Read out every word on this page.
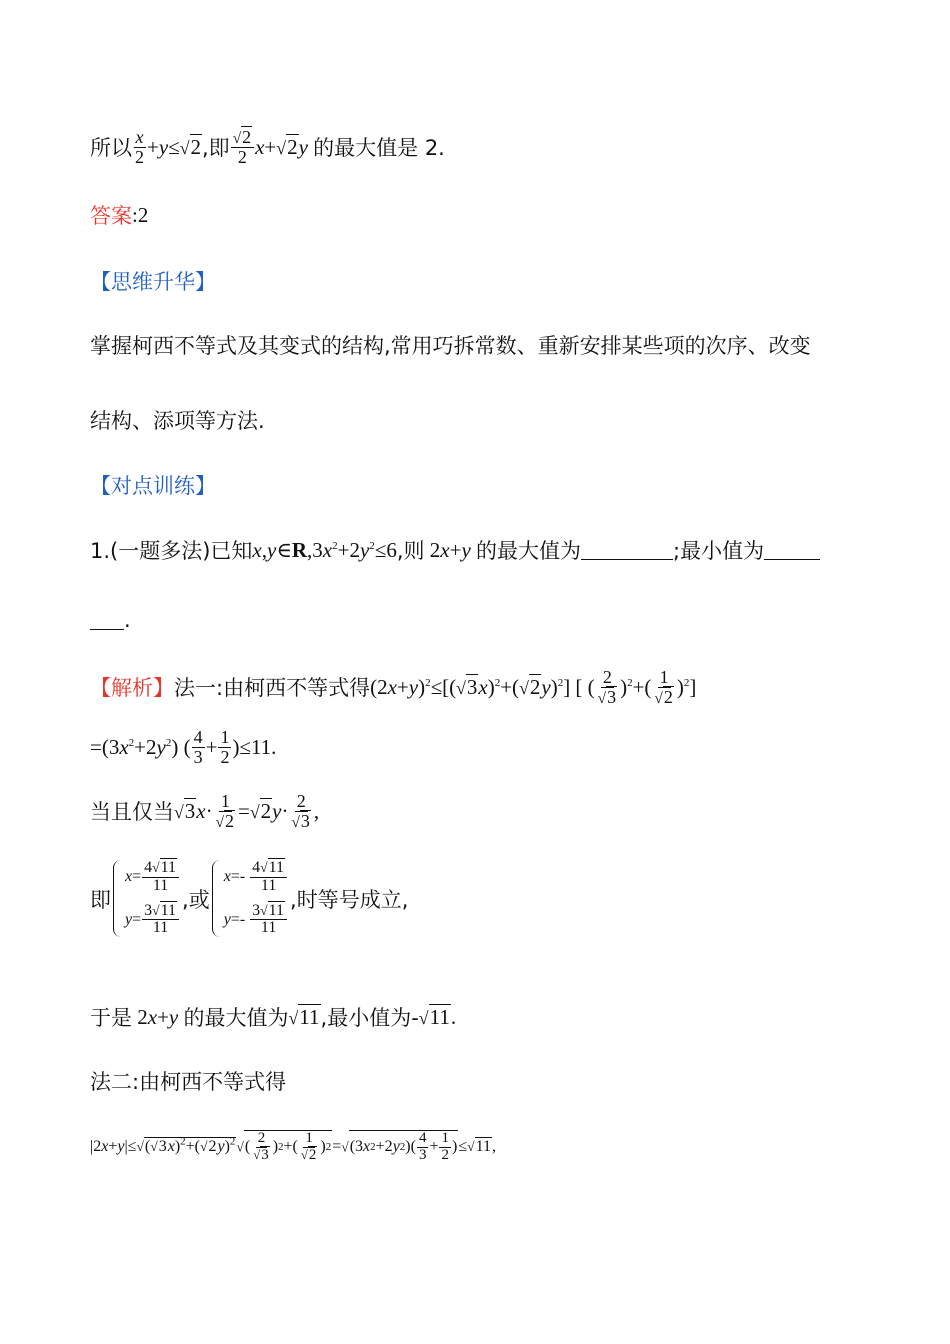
所以 $\frac{x}{2} +y\le√2$ ,即 $\frac{√2}{2} x+√2y$ 的最大值是 2.
答案 :2
【思维升华】
掌握柯西不等式及其变式的结构,常用巧拆常数、重新安排某些项的次序、改变
结构、添项等方法.
【对点训练】
1.(一题多法)已知 $x,y\in R,3x^2+2y^2\le 6$ ,则 2x+y 的最大值为	;最小值为
.
【解析】 法一:由柯西不等式得 $(2x+y)^2\le[(√3x)^2+(√2y)^2]$ [ ( $\frac{2}{√3} )^2+( \frac{1}{√2} )^2$]
$=(3x^2+2y^2)$ ( $\frac{4}{3} + \frac{1}{2} )\le 11$.
当且仅当 $√3x\cdot \frac{1}{√2} =√2y\cdot \frac{2}{√3}$ ,
即
$x = \frac{4√11}{11}$
$y = \frac{3√11}{11}$
,或
$x =- \frac{4√11}{11}$
$y =- \frac{3√11}{11}$
,时等号成立,
于是 2x+y 的最大值为 √11 ,最小值为- √11.
法二:由柯西不等式得
$|2x+y|\le √(√3x)^2+(√2y)^2$ √( $\frac{2}{√3}$ ) 2 +( $\frac{1}{√2}$ ) 2 = √(3 x 2 +2 y 2 )( $\frac{4}{3} + \frac{1}{2}$ ) ≤√11,
